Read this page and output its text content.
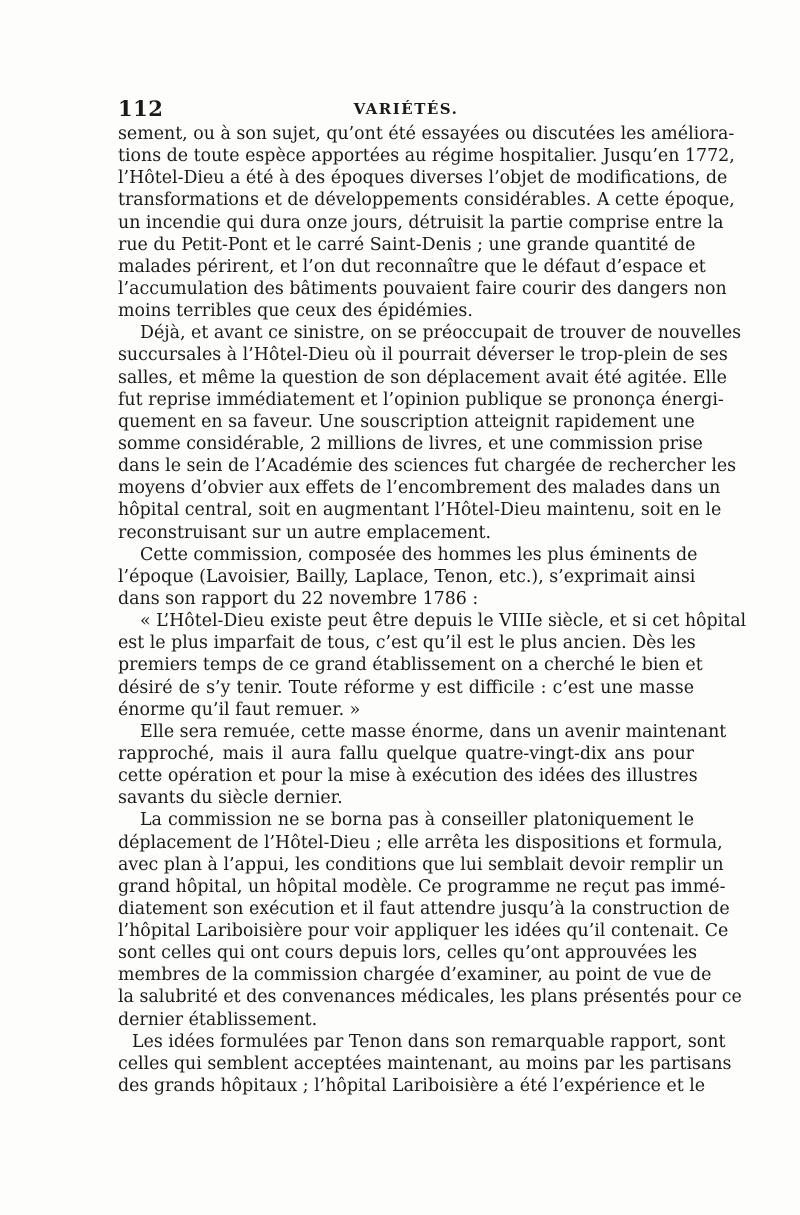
112	VARIÉTÉS.
sement, ou à son sujet, qu’ont été essayées ou discutées les améliora-
tions de toute espèce apportées au régime hospitalier. Jusqu’en 1772,
l’Hôtel-Dieu a été à des époques diverses l’objet de modifications, de
transformations et de développements considérables. A cette époque,
un incendie qui dura onze jours, détruisit la partie comprise entre la
rue du Petit-Pont et le carré Saint-Denis ; une grande quantité de
malades périrent, et l’on dut reconnaître que le défaut d’espace et
l’accumulation des bâtiments pouvaient faire courir des dangers non
moins terribles que ceux des épidémies.
Déjà, et avant ce sinistre, on se préoccupait de trouver de nouvelles
succursales à l’Hôtel-Dieu où il pourrait déverser le trop-plein de ses
salles, et même la question de son déplacement avait été agitée. Elle
fut reprise immédiatement et l’opinion publique se prononça énergi-
quement en sa faveur. Une souscription atteignit rapidement une
somme considérable, 2 millions de livres, et une commission prise
dans le sein de l’Académie des sciences fut chargée de rechercher les
moyens d’obvier aux effets de l’encombrement des malades dans un
hôpital central, soit en augmentant l’Hôtel-Dieu maintenu, soit en le
reconstruisant sur un autre emplacement.
Cette commission, composée des hommes les plus éminents de
l’époque (Lavoisier, Bailly, Laplace, Tenon, etc.), s’exprimait ainsi
dans son rapport du 22 novembre 1786 :
« L’Hôtel-Dieu existe peut être depuis le VIIIe siècle, et si cet hôpital
est le plus imparfait de tous, c’est qu’il est le plus ancien. Dès les
premiers temps de ce grand établissement on a cherché le bien et
désiré de s’y tenir. Toute réforme y est difficile : c’est une masse
énorme qu’il faut remuer. »
Elle sera remuée, cette masse énorme, dans un avenir maintenant
rapproché, mais il aura fallu quelque quatre-vingt-dix ans pour
cette opération et pour la mise à exécution des idées des illustres
savants du siècle dernier.
La commission ne se borna pas à conseiller platoniquement le
déplacement de l’Hôtel-Dieu ; elle arrêta les dispositions et formula,
avec plan à l’appui, les conditions que lui semblait devoir remplir un
grand hôpital, un hôpital modèle. Ce programme ne reçut pas immé-
diatement son exécution et il faut attendre jusqu’à la construction de
l’hôpital Lariboisière pour voir appliquer les idées qu’il contenait. Ce
sont celles qui ont cours depuis lors, celles qu’ont approuvées les
membres de la commission chargée d’examiner, au point de vue de
la salubrité et des convenances médicales, les plans présentés pour ce
dernier établissement.
Les idées formulées par Tenon dans son remarquable rapport, sont
celles qui semblent acceptées maintenant, au moins par les partisans
des grands hôpitaux ; l’hôpital Lariboisière a été l’expérience et le
